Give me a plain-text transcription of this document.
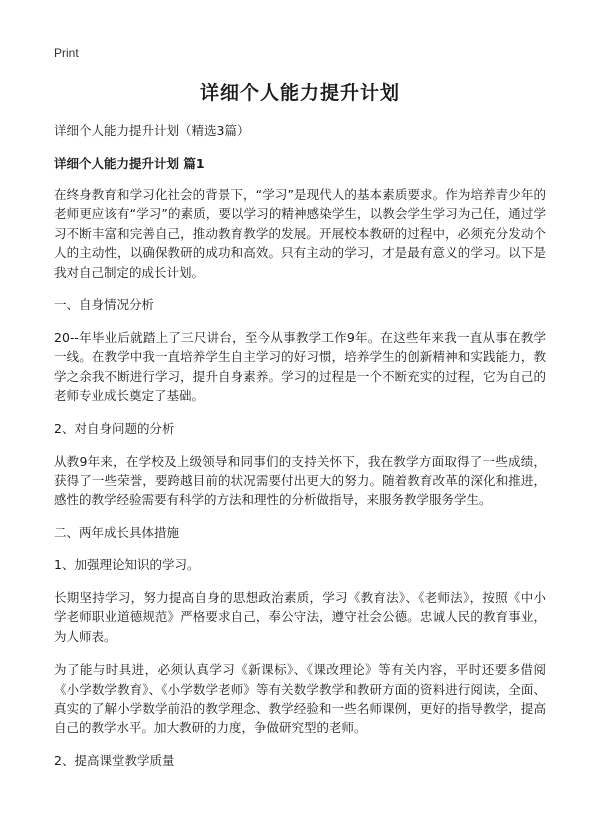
Print
详细个人能力提升计划
详细个人能力提升计划（精选3篇）
详细个人能力提升计划 篇1
在终身教育和学习化社会的背景下，“学习”是现代人的基本素质要求。作为培养青少年的老师更应该有“学习”的素质，要以学习的精神感染学生，以教会学生学习为己任，通过学习不断丰富和完善自己，推动教育教学的发展。开展校本教研的过程中，必须充分发动个人的主动性，以确保教研的成功和高效。只有主动的学习，才是最有意义的学习。以下是我对自己制定的成长计划。
一、自身情况分析
20--年毕业后就踏上了三尺讲台，至今从事教学工作9年。在这些年来我一直从事在教学一线。在教学中我一直培养学生自主学习的好习惯，培养学生的创新精神和实践能力，教学之余我不断进行学习，提升自身素养。学习的过程是一个不断充实的过程，它为自己的老师专业成长奠定了基础。
2、对自身问题的分析
从教9年来，在学校及上级领导和同事们的支持关怀下，我在教学方面取得了一些成绩，获得了一些荣誉，要跨越目前的状况需要付出更大的努力。随着教育改革的深化和推进，感性的教学经验需要有科学的方法和理性的分析做指导，来服务教学服务学生。
二、两年成长具体措施
1、加强理论知识的学习。
长期坚持学习，努力提高自身的思想政治素质，学习《教育法》、《老师法》，按照《中小学老师职业道德规范》严格要求自己，奉公守法，遵守社会公德。忠诚人民的教育事业，为人师表。
为了能与时具进，必须认真学习《新课标》、《课改理论》等有关内容，平时还要多借阅《小学数学教育》、《小学数学老师》等有关数学教学和教研方面的资料进行阅读，全面、真实的了解小学数学前沿的教学理念、教学经验和一些名师课例，更好的指导教学，提高自己的教学水平。加大教研的力度，争做研究型的老师。
2、提高课堂教学质量
